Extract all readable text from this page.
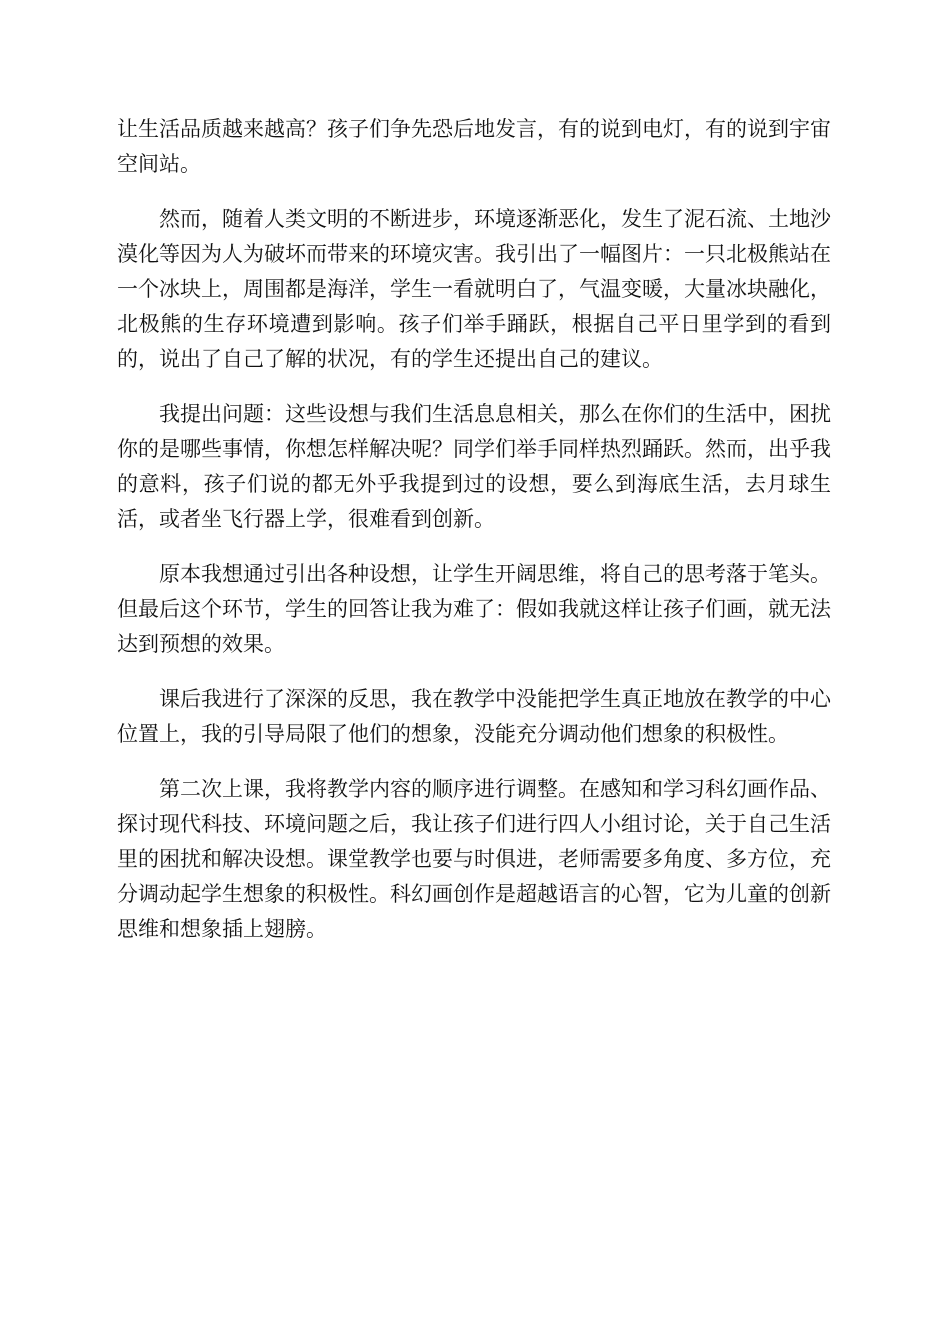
让生活品质越来越高？孩子们争先恐后地发言，有的说到电灯，有的说到宇宙空间站。

然而，随着人类文明的不断进步，环境逐渐恶化，发生了泥石流、土地沙漠化等因为人为破坏而带来的环境灾害。我引出了一幅图片：一只北极熊站在一个冰块上，周围都是海洋，学生一看就明白了，气温变暖，大量冰块融化，北极熊的生存环境遭到影响。孩子们举手踊跃，根据自己平日里学到的看到的，说出了自己了解的状况，有的学生还提出自己的建议。

我提出问题：这些设想与我们生活息息相关，那么在你们的生活中，困扰你的是哪些事情，你想怎样解决呢？同学们举手同样热烈踊跃。然而，出乎我的意料，孩子们说的都无外乎我提到过的设想，要么到海底生活，去月球生活，或者坐飞行器上学，很难看到创新。

原本我想通过引出各种设想，让学生开阔思维，将自己的思考落于笔头。但最后这个环节，学生的回答让我为难了：假如我就这样让孩子们画，就无法达到预想的效果。

课后我进行了深深的反思，我在教学中没能把学生真正地放在教学的中心位置上，我的引导局限了他们的想象，没能充分调动他们想象的积极性。

第二次上课，我将教学内容的顺序进行调整。在感知和学习科幻画作品、探讨现代科技、环境问题之后，我让孩子们进行四人小组讨论，关于自己生活里的困扰和解决设想。课堂教学也要与时俱进，老师需要多角度、多方位，充分调动起学生想象的积极性。科幻画创作是超越语言的心智，它为儿童的创新思维和想象插上翅膀。
